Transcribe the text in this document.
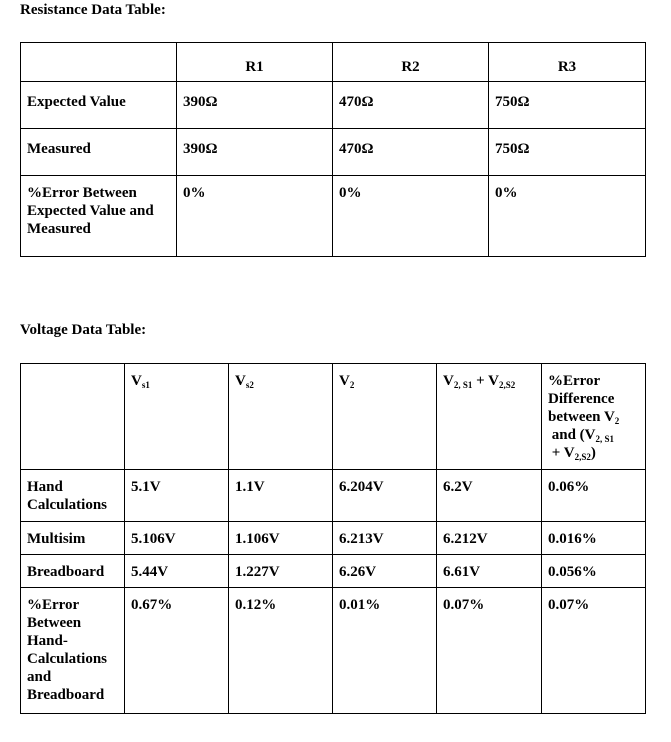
Resistance Data Table:
	R1	R2	R3
Expected Value	390Ω	470Ω	750Ω
Measured	390Ω	470Ω	750Ω
%Error Between Expected Value and Measured	0%	0%	0%
Voltage Data Table:
	$V_{s1}$	$V_{s2}$	$V_2$	$V_{2, S1} + V_{2,S2}$	%Error Difference between $V_2$ and $(V_{2, S1} + V_{2,S2})$
Hand Calculations	5.1V	1.1V	6.204V	6.2V	0.06%
Multisim	5.106V	1.106V	6.213V	6.212V	0.016%
Breadboard	5.44V	1.227V	6.26V	6.61V	0.056%
%Error Between Hand-Calculations and Breadboard	0.67%	0.12%	0.01%	0.07%	0.07%
